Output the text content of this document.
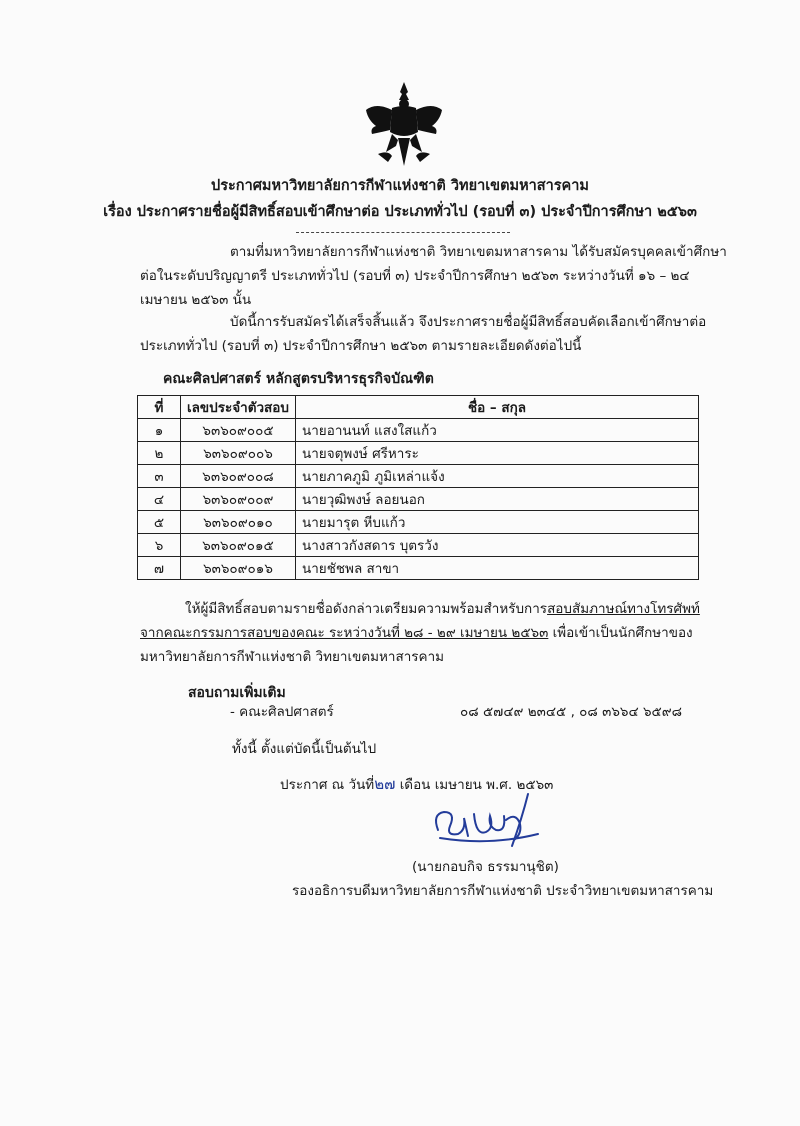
ประกาศมหาวิทยาลัยการกีฬาแห่งชาติ วิทยาเขตมหาสารคาม
เรื่อง ประกาศรายชื่อผู้มีสิทธิ์สอบเข้าศึกษาต่อ ประเภททั่วไป (รอบที่ ๓) ประจำปีการศึกษา ๒๕๖๓
ตามที่มหาวิทยาลัยการกีฬาแห่งชาติ วิทยาเขตมหาสารคาม ได้รับสมัครบุคคลเข้าศึกษา
ต่อในระดับปริญญาตรี ประเภททั่วไป (รอบที่ ๓) ประจำปีการศึกษา ๒๕๖๓ ระหว่างวันที่ ๑๖ – ๒๔
เมษายน ๒๕๖๓ นั้น
บัดนี้การรับสมัครได้เสร็จสิ้นแล้ว จึงประกาศรายชื่อผู้มีสิทธิ์สอบคัดเลือกเข้าศึกษาต่อ
ประเภททั่วไป (รอบที่ ๓) ประจำปีการศึกษา ๒๕๖๓ ตามรายละเอียดดังต่อไปนี้
คณะศิลปศาสตร์ หลักสูตรบริหารธุรกิจบัณฑิต
ที่	เลขประจำตัวสอบ	ชื่อ – สกุล
๑	๖๓๖๐๙๐๐๕	นายอานนท์ แสงใสแก้ว
๒	๖๓๖๐๙๐๐๖	นายจตุพงษ์ ศรีหาระ
๓	๖๓๖๐๙๐๐๘	นายภาคภูมิ ภูมิเหล่าแจ้ง
๔	๖๓๖๐๙๐๐๙	นายวุฒิพงษ์ ลอยนอก
๕	๖๓๖๐๙๐๑๐	นายมารุต หีบแก้ว
๖	๖๓๖๐๙๐๑๕	นางสาวกังสดาร บุตรวัง
๗	๖๓๖๐๙๐๑๖	นายชัชพล สาขา
ให้ผู้มีสิทธิ์สอบตามรายชื่อดังกล่าวเตรียมความพร้อมสำหรับการสอบสัมภาษณ์ทางโทรศัพท์
จากคณะกรรมการสอบของคณะ ระหว่างวันที่ ๒๘ - ๒๙ เมษายน ๒๕๖๓ เพื่อเข้าเป็นนักศึกษาของ
มหาวิทยาลัยการกีฬาแห่งชาติ วิทยาเขตมหาสารคาม
สอบถามเพิ่มเติม
- คณะศิลปศาสตร์	๐๘ ๕๗๔๙ ๒๓๔๕ , ๐๘ ๓๖๖๔ ๖๕๙๘
ทั้งนี้ ตั้งแต่บัดนี้เป็นต้นไป
ประกาศ ณ วันที่๒๗ เดือน เมษายน พ.ศ. ๒๕๖๓
(นายกอบกิจ ธรรมานุชิต)
รองอธิการบดีมหาวิทยาลัยการกีฬาแห่งชาติ ประจำวิทยาเขตมหาสารคาม
